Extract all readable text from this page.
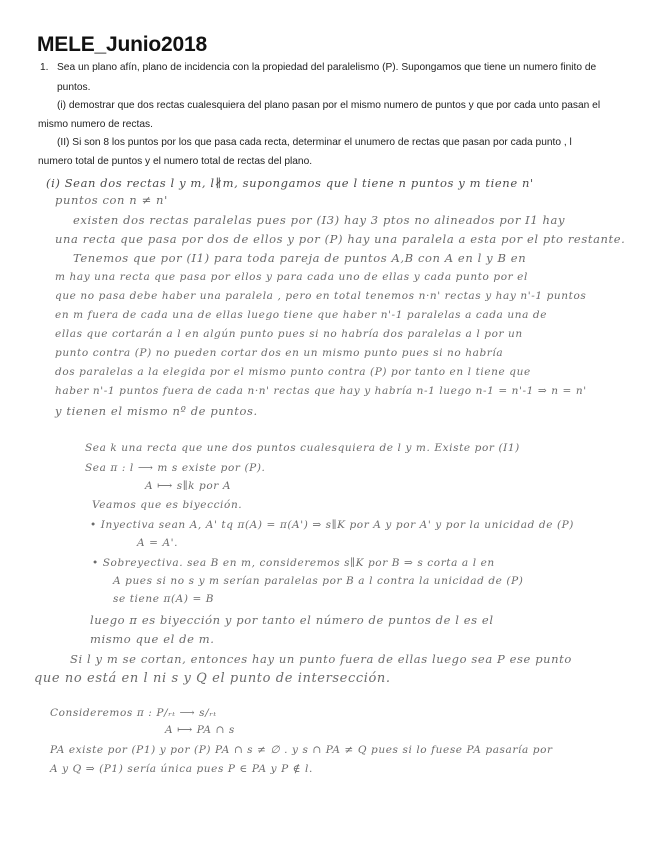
MELE_Junio2018
1. Sea un plano afín, plano de incidencia con la propiedad del paralelismo (P). Supongamos que tiene un numero finito de
puntos.
(i) demostrar que dos rectas cualesquiera del plano pasan por el mismo numero de puntos y que por cada unto pasan el
mismo numero de rectas.
(II) Si son 8 los puntos por los que pasa cada recta, determinar el unumero de rectas que pasan por cada punto , l
numero total de puntos y el numero total de rectas del plano.
(i) Sean dos rectas l y m, l∦m, supongamos que l tiene n puntos y m tiene n'
puntos con n ≠ n'
existen dos rectas paralelas pues por (I3) hay 3 ptos no alineados por I1 hay
una recta que pasa por dos de ellos y por (P) hay una paralela a esta por el pto restante.
Tenemos que por (I1) para toda pareja de puntos A,B con A en l y B en
m hay una recta que pasa por ellos y para cada uno de ellas y cada punto por el
que no pasa debe haber una paralela , pero en total tenemos n·n' rectas y hay n'-1 puntos
en m fuera de cada una de ellas luego tiene que haber n'-1 paralelas a cada una de
ellas que cortarán a l en algún punto pues si no habría dos paralelas a l por un
punto contra (P) no pueden cortar dos en un mismo punto pues si no habría
dos paralelas a la elegida por el mismo punto contra (P) por tanto en l tiene que
haber n'-1 puntos fuera de cada n·n' rectas que hay y habría n-1 luego n-1 = n'-1 ⇒ n = n'
y tienen el mismo nº de puntos.
Sea k una recta que une dos puntos cualesquiera de l y m. Existe por (I1)
Sea π : l ⟶ m s existe por (P).
A ⟼ s∥k por A
Veamos que es biyección.
• Inyectiva sean A, A' tq π(A) = π(A') ⇒ s∥K por A y por A' y por la unicidad de (P)
A = A'.
• Sobreyectiva. sea B en m, consideremos s∥K por B ⇒ s corta a l en
A pues si no s y m serían paralelas por B a l contra la unicidad de (P)
se tiene π(A) = B
luego π es biyección y por tanto el número de puntos de l es el
mismo que el de m.
Si l y m se cortan, entonces hay un punto fuera de ellas luego sea P ese punto
que no está en l ni s y Q el punto de intersección.
Consideremos π : P/ᵣₜ ⟶ s/ᵣₜ
A ⟼ PA ∩ s
PA existe por (P1) y por (P) PA ∩ s ≠ ∅ . y s ∩ PA ≠ Q pues si lo fuese PA pasaría por
A y Q ⇒ (P1) sería única pues P ∈ PA y P ∉ l.
